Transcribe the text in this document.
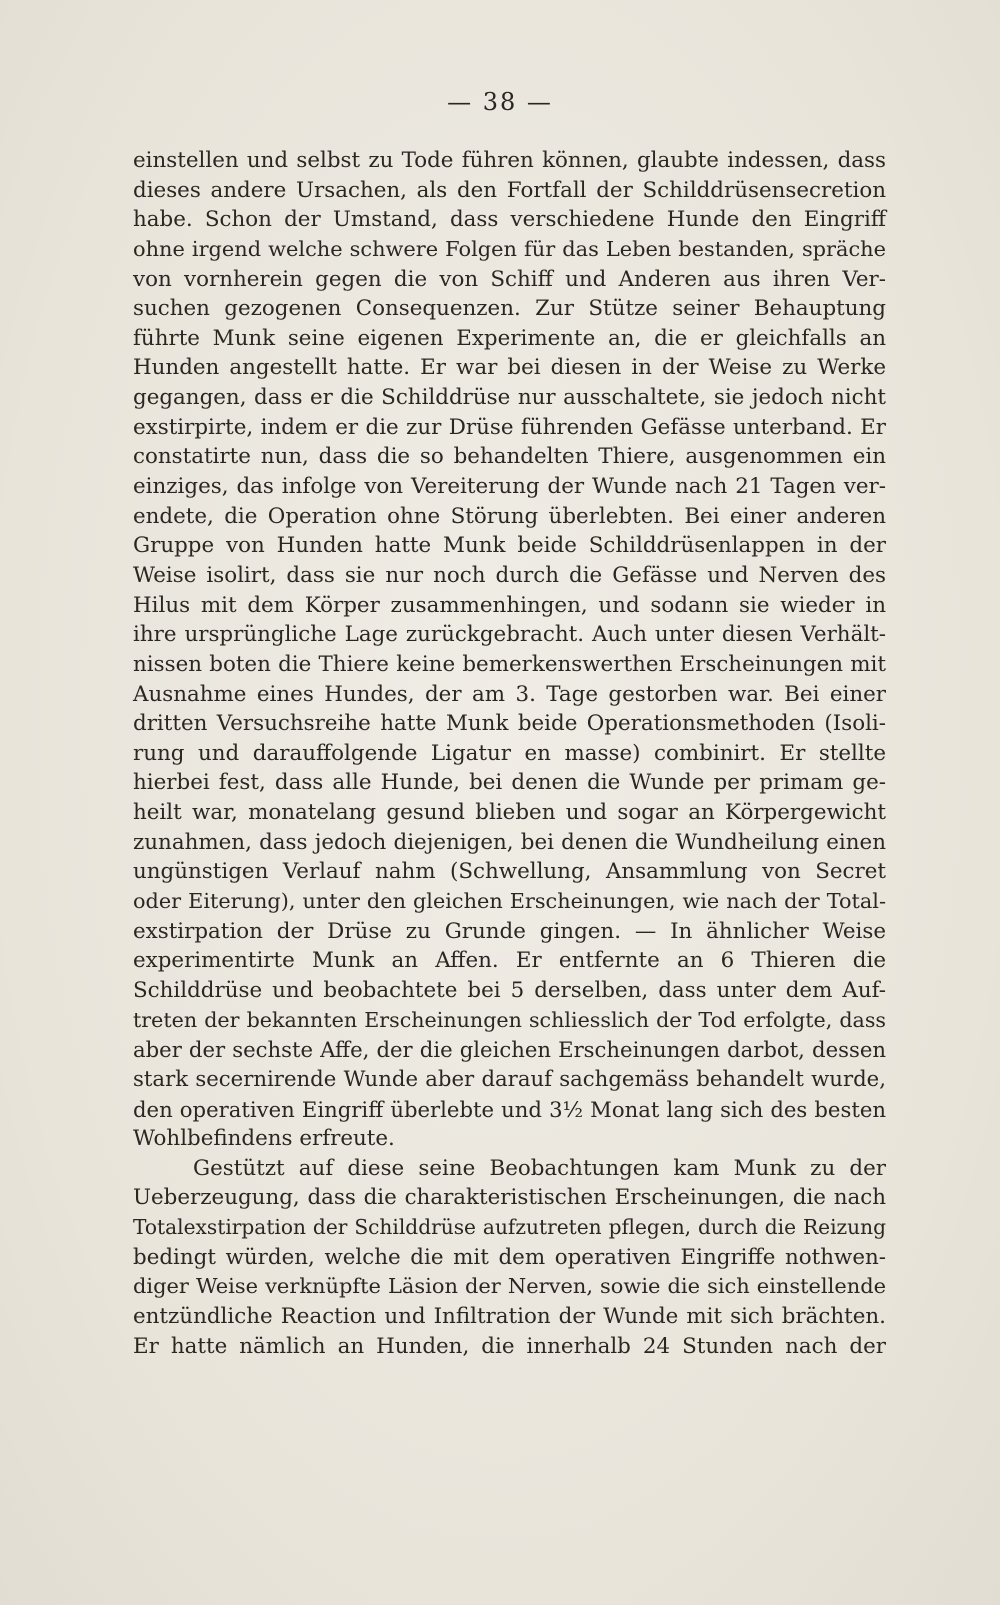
— 38 —
einstellen und selbst zu Tode führen können, glaubte indessen, dass
dieses andere Ursachen, als den Fortfall der Schilddrüsensecretion
habe. Schon der Umstand, dass verschiedene Hunde den Eingriff
ohne irgend welche schwere Folgen für das Leben bestanden, spräche
von vornherein gegen die von Schiff und Anderen aus ihren Ver-
suchen gezogenen Consequenzen. Zur Stütze seiner Behauptung
führte Munk seine eigenen Experimente an, die er gleichfalls an
Hunden angestellt hatte. Er war bei diesen in der Weise zu Werke
gegangen, dass er die Schilddrüse nur ausschaltete, sie jedoch nicht
exstirpirte, indem er die zur Drüse führenden Gefässe unterband. Er
constatirte nun, dass die so behandelten Thiere, ausgenommen ein
einziges, das infolge von Vereiterung der Wunde nach 21 Tagen ver-
endete, die Operation ohne Störung überlebten. Bei einer anderen
Gruppe von Hunden hatte Munk beide Schilddrüsenlappen in der
Weise isolirt, dass sie nur noch durch die Gefässe und Nerven des
Hilus mit dem Körper zusammenhingen, und sodann sie wieder in
ihre ursprüngliche Lage zurückgebracht. Auch unter diesen Verhält-
nissen boten die Thiere keine bemerkenswerthen Erscheinungen mit
Ausnahme eines Hundes, der am 3. Tage gestorben war. Bei einer
dritten Versuchsreihe hatte Munk beide Operationsmethoden (Isoli-
rung und darauffolgende Ligatur en masse) combinirt. Er stellte
hierbei fest, dass alle Hunde, bei denen die Wunde per primam ge-
heilt war, monatelang gesund blieben und sogar an Körpergewicht
zunahmen, dass jedoch diejenigen, bei denen die Wundheilung einen
ungünstigen Verlauf nahm (Schwellung, Ansammlung von Secret
oder Eiterung), unter den gleichen Erscheinungen, wie nach der Total-
exstirpation der Drüse zu Grunde gingen. — In ähnlicher Weise
experimentirte Munk an Affen. Er entfernte an 6 Thieren die
Schilddrüse und beobachtete bei 5 derselben, dass unter dem Auf-
treten der bekannten Erscheinungen schliesslich der Tod erfolgte, dass
aber der sechste Affe, der die gleichen Erscheinungen darbot, dessen
stark secernirende Wunde aber darauf sachgemäss behandelt wurde,
den operativen Eingriff überlebte und 3½ Monat lang sich des besten
Wohlbefindens erfreute.
Gestützt auf diese seine Beobachtungen kam Munk zu der
Ueberzeugung, dass die charakteristischen Erscheinungen, die nach
Totalexstirpation der Schilddrüse aufzutreten pflegen, durch die Reizung
bedingt würden, welche die mit dem operativen Eingriffe nothwen-
diger Weise verknüpfte Läsion der Nerven, sowie die sich einstellende
entzündliche Reaction und Infiltration der Wunde mit sich brächten.
Er hatte nämlich an Hunden, die innerhalb 24 Stunden nach der
